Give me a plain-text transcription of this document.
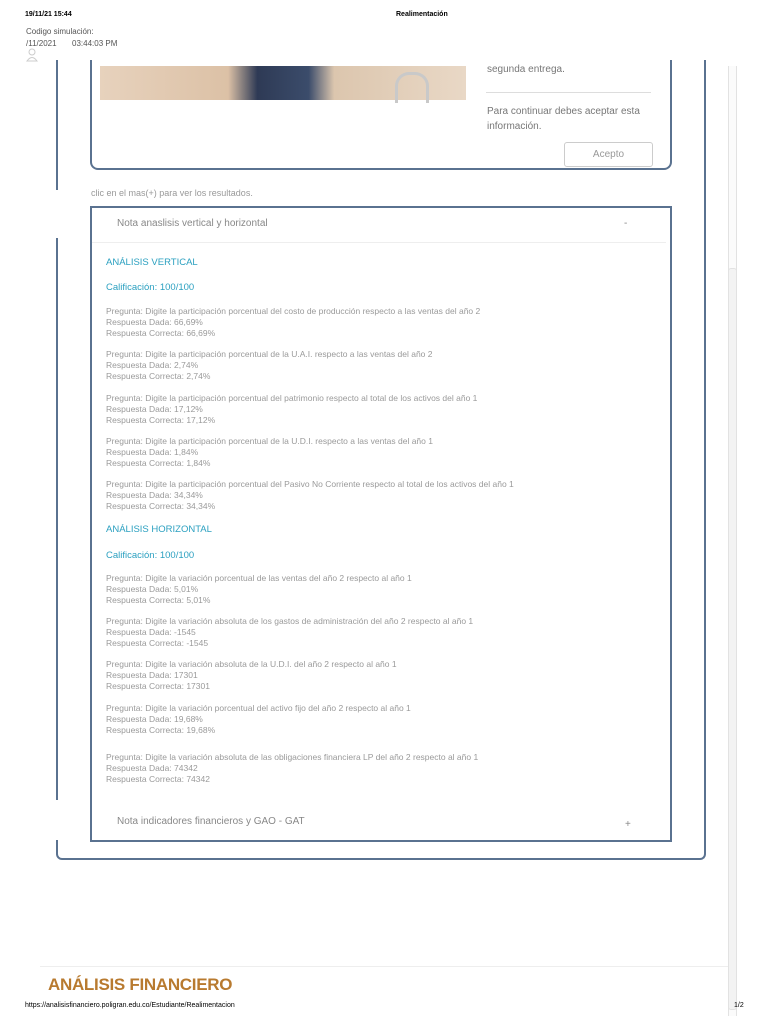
19/11/21 15:44	Realimentación
Codigo simulación:
/11/2021 03:44:03 PM
segunda entrega.
Para continuar debes aceptar esta
información.
Acepto
clic en el mas(+) para ver los resultados.
Nota anaslisis vertical y horizontal	-
ANÁLISIS VERTICAL
Calificación: 100/100
Pregunta: Digite la participación porcentual del costo de producción respecto a las ventas del año 2
Respuesta Dada: 66,69%
Respuesta Correcta: 66,69%
Pregunta: Digite la participación porcentual de la U.A.I. respecto a las ventas del año 2
Respuesta Dada: 2,74%
Respuesta Correcta: 2,74%
Pregunta: Digite la participación porcentual del patrimonio respecto al total de los activos del año 1
Respuesta Dada: 17,12%
Respuesta Correcta: 17,12%
Pregunta: Digite la participación porcentual de la U.D.I. respecto a las ventas del año 1
Respuesta Dada: 1,84%
Respuesta Correcta: 1,84%
Pregunta: Digite la participación porcentual del Pasivo No Corriente respecto al total de los activos del año 1
Respuesta Dada: 34,34%
Respuesta Correcta: 34,34%
ANÁLISIS HORIZONTAL
Calificación: 100/100
Pregunta: Digite la variación porcentual de las ventas del año 2 respecto al año 1
Respuesta Dada: 5,01%
Respuesta Correcta: 5,01%
Pregunta: Digite la variación absoluta de los gastos de administración del año 2 respecto al año 1
Respuesta Dada: -1545
Respuesta Correcta: -1545
Pregunta: Digite la variación absoluta de la U.D.I. del año 2 respecto al año 1
Respuesta Dada: 17301
Respuesta Correcta: 17301
Pregunta: Digite la variación porcentual del activo fijo del año 2 respecto al año 1
Respuesta Dada: 19,68%
Respuesta Correcta: 19,68%
Pregunta: Digite la variación absoluta de las obligaciones financiera LP del año 2 respecto al año 1
Respuesta Dada: 74342
Respuesta Correcta: 74342
Nota indicadores financieros y GAO - GAT	+
ANÁLISIS FINANCIERO
https://analisisfinanciero.poligran.edu.co/Estudiante/Realimentacion	1/2
